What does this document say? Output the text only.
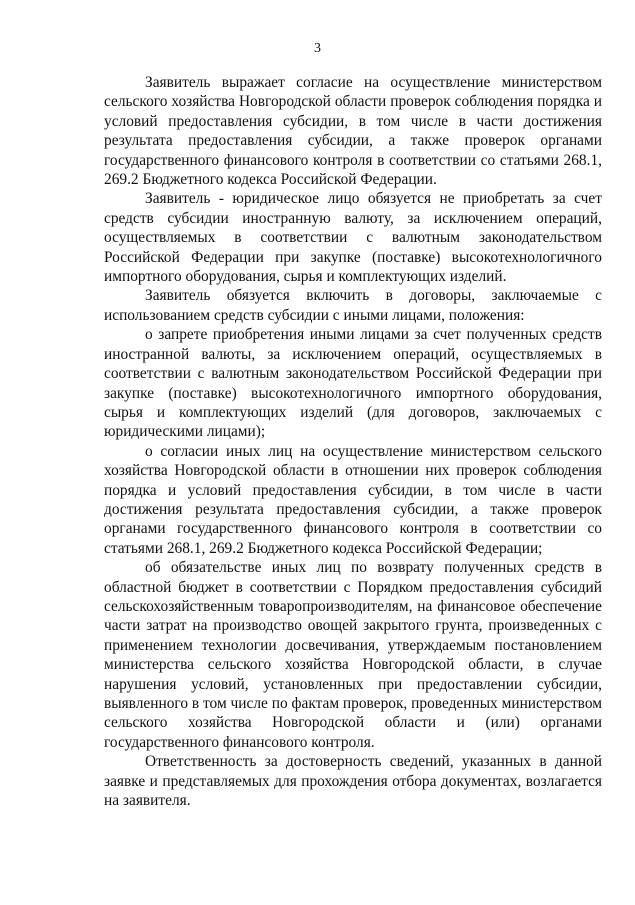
3

Заявитель выражает согласие на осуществление министерством сельского хозяйства Новгородской области проверок соблюдения порядка и условий предоставления субсидии, в том числе в части достижения результата предоставления субсидии, а также проверок органами государственного финансового контроля в соответствии со статьями 268.1, 269.2 Бюджетного кодекса Российской Федерации.

Заявитель - юридическое лицо обязуется не приобретать за счет средств субсидии иностранную валюту, за исключением операций, осуществляемых в соответствии с валютным законодательством Российской Федерации при закупке (поставке) высокотехнологичного импортного оборудования, сырья и комплектующих изделий.

Заявитель обязуется включить в договоры, заключаемые с использованием средств субсидии с иными лицами, положения:

о запрете приобретения иными лицами за счет полученных средств иностранной валюты, за исключением операций, осуществляемых в соответствии с валютным законодательством Российской Федерации при закупке (поставке) высокотехнологичного импортного оборудования, сырья и комплектующих изделий (для договоров, заключаемых с юридическими лицами);

о согласии иных лиц на осуществление министерством сельского хозяйства Новгородской области в отношении них проверок соблюдения порядка и условий предоставления субсидии, в том числе в части достижения результата предоставления субсидии, а также проверок органами государственного финансового контроля в соответствии со статьями 268.1, 269.2 Бюджетного кодекса Российской Федерации;

об обязательстве иных лиц по возврату полученных средств в областной бюджет в соответствии с Порядком предоставления субсидий сельскохозяйственным товаропроизводителям, на финансовое обеспечение части затрат на производство овощей закрытого грунта, произведенных с применением технологии досвечивания, утверждаемым постановлением министерства сельского хозяйства Новгородской области, в случае нарушения условий, установленных при предоставлении субсидии, выявленного в том числе по фактам проверок, проведенных министерством сельского хозяйства Новгородской области и (или) органами государственного финансового контроля.

Ответственность за достоверность сведений, указанных в данной заявке и представляемых для прохождения отбора документах, возлагается на заявителя.
